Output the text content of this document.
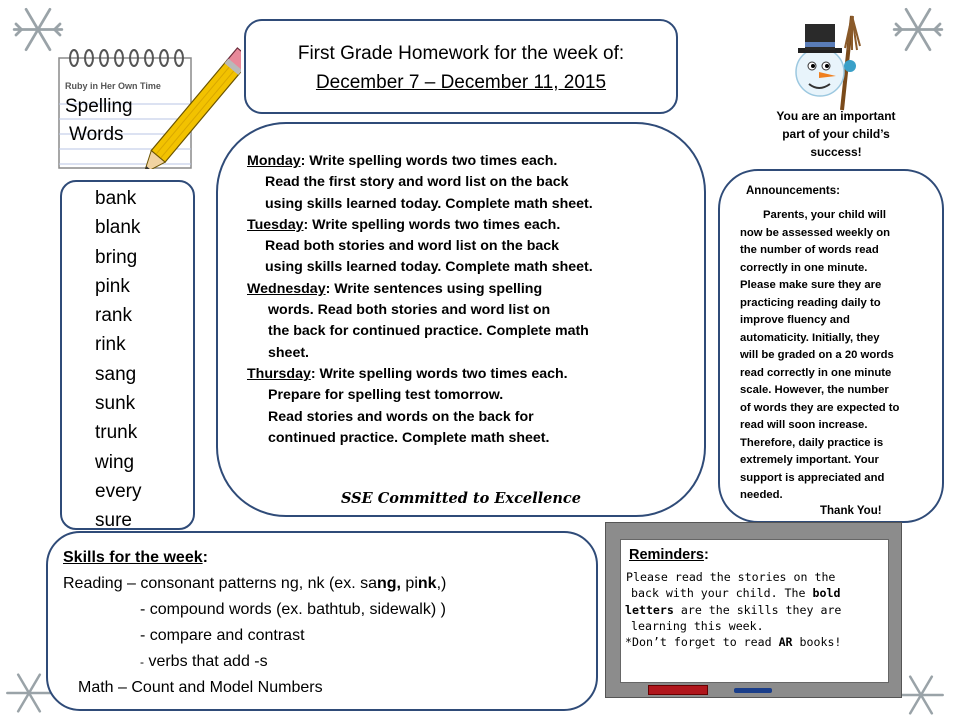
First Grade Homework for the week of:
December 7 – December 11, 2015
Ruby in Her Own Time
Spelling
Words
bank
blank
bring
pink
rank
rink
sang
sunk
trunk
wing
every
sure
Monday: Write spelling words two times each.
Read the first story and word list on the back
using skills learned today. Complete math sheet.
Tuesday: Write spelling words two times each.
Read both stories and word list on the back
using skills learned today. Complete math sheet.
Wednesday: Write sentences using spelling
words. Read both stories and word list on
the back for continued practice. Complete math
sheet.
Thursday: Write spelling words two times each.
Prepare for spelling test tomorrow.
Read stories and words on the back for
continued practice. Complete math sheet.
SSE Committed to Excellence
You are an important
part of your child’s
success!
Announcements:
Parents, your child will
now be assessed weekly on
the number of words read
correctly in one minute.
Please make sure they are
practicing reading daily to
improve fluency and
automaticity. Initially, they
will be graded on a 20 words
read correctly in one minute
scale. However, the number
of words they are expected to
read will soon increase.
Therefore, daily practice is
extremely important. Your
support is appreciated and
needed.
Thank You!
Skills for the week:
Reading – consonant patterns ng, nk (ex. sang, pink,)
- compound words (ex. bathtub, sidewalk) )
- compare and contrast
- verbs that add -s
Math – Count and Model Numbers
Reminders:
Please read the stories on the
back with your child. The bold
letters are the skills they are
learning this week.
*Don’t forget to read AR books!
